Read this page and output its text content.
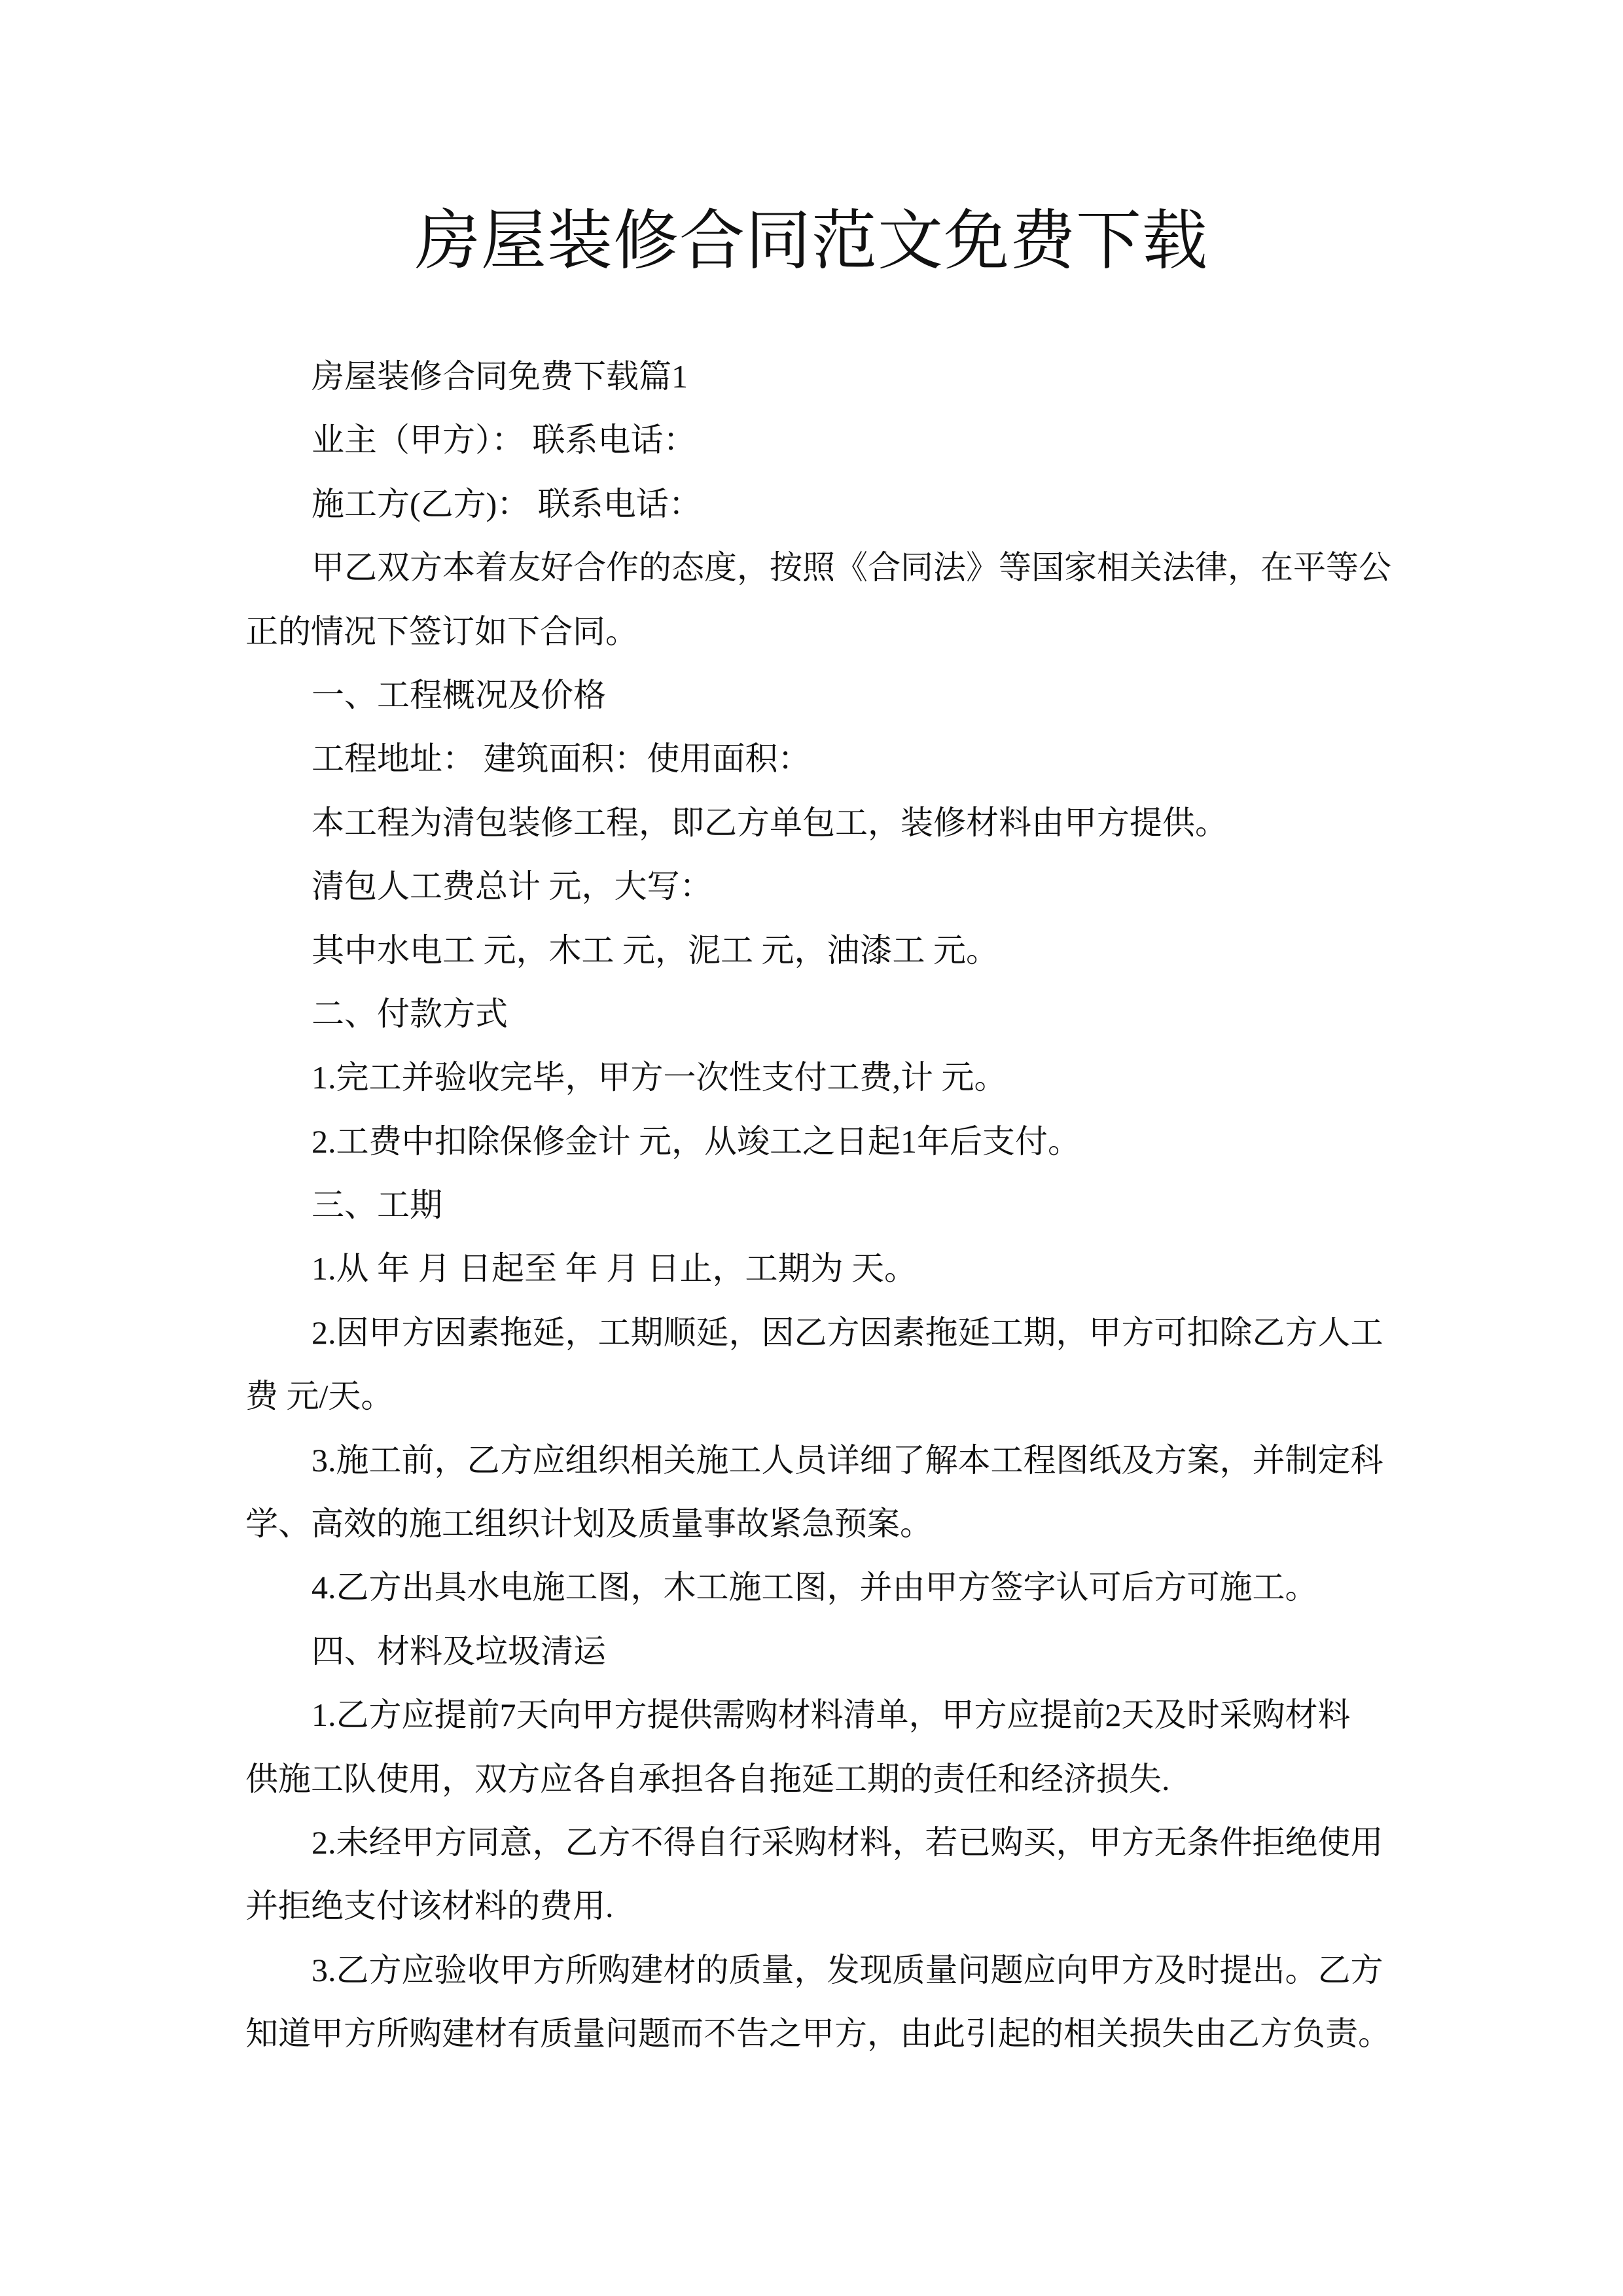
房屋装修合同范文免费下载
房屋装修合同免费下载篇1
业主（甲方）： 联系电话：
施工方(乙方)： 联系电话：
甲乙双方本着友好合作的态度，按照《合同法》等国家相关法律，在平等公
正的情况下签订如下合同。
一、工程概况及价格
工程地址： 建筑面积：使用面积：
本工程为清包装修工程，即乙方单包工，装修材料由甲方提供。
清包人工费总计 元，大写：
其中水电工 元，木工 元，泥工 元，油漆工 元。
二、付款方式
1.完工并验收完毕，甲方一次性支付工费,计 元。
2.工费中扣除保修金计 元，从竣工之日起1年后支付。
三、工期
1.从 年 月 日起至 年 月 日止，工期为 天。
2.因甲方因素拖延，工期顺延，因乙方因素拖延工期，甲方可扣除乙方人工
费 元/天。
3.施工前，乙方应组织相关施工人员详细了解本工程图纸及方案，并制定科
学、高效的施工组织计划及质量事故紧急预案。
4.乙方出具水电施工图，木工施工图，并由甲方签字认可后方可施工。
四、材料及垃圾清运
1.乙方应提前7天向甲方提供需购材料清单，甲方应提前2天及时采购材料
供施工队使用，双方应各自承担各自拖延工期的责任和经济损失.
2.未经甲方同意，乙方不得自行采购材料，若已购买，甲方无条件拒绝使用
并拒绝支付该材料的费用.
3.乙方应验收甲方所购建材的质量，发现质量问题应向甲方及时提出。乙方
知道甲方所购建材有质量问题而不告之甲方，由此引起的相关损失由乙方负责。
